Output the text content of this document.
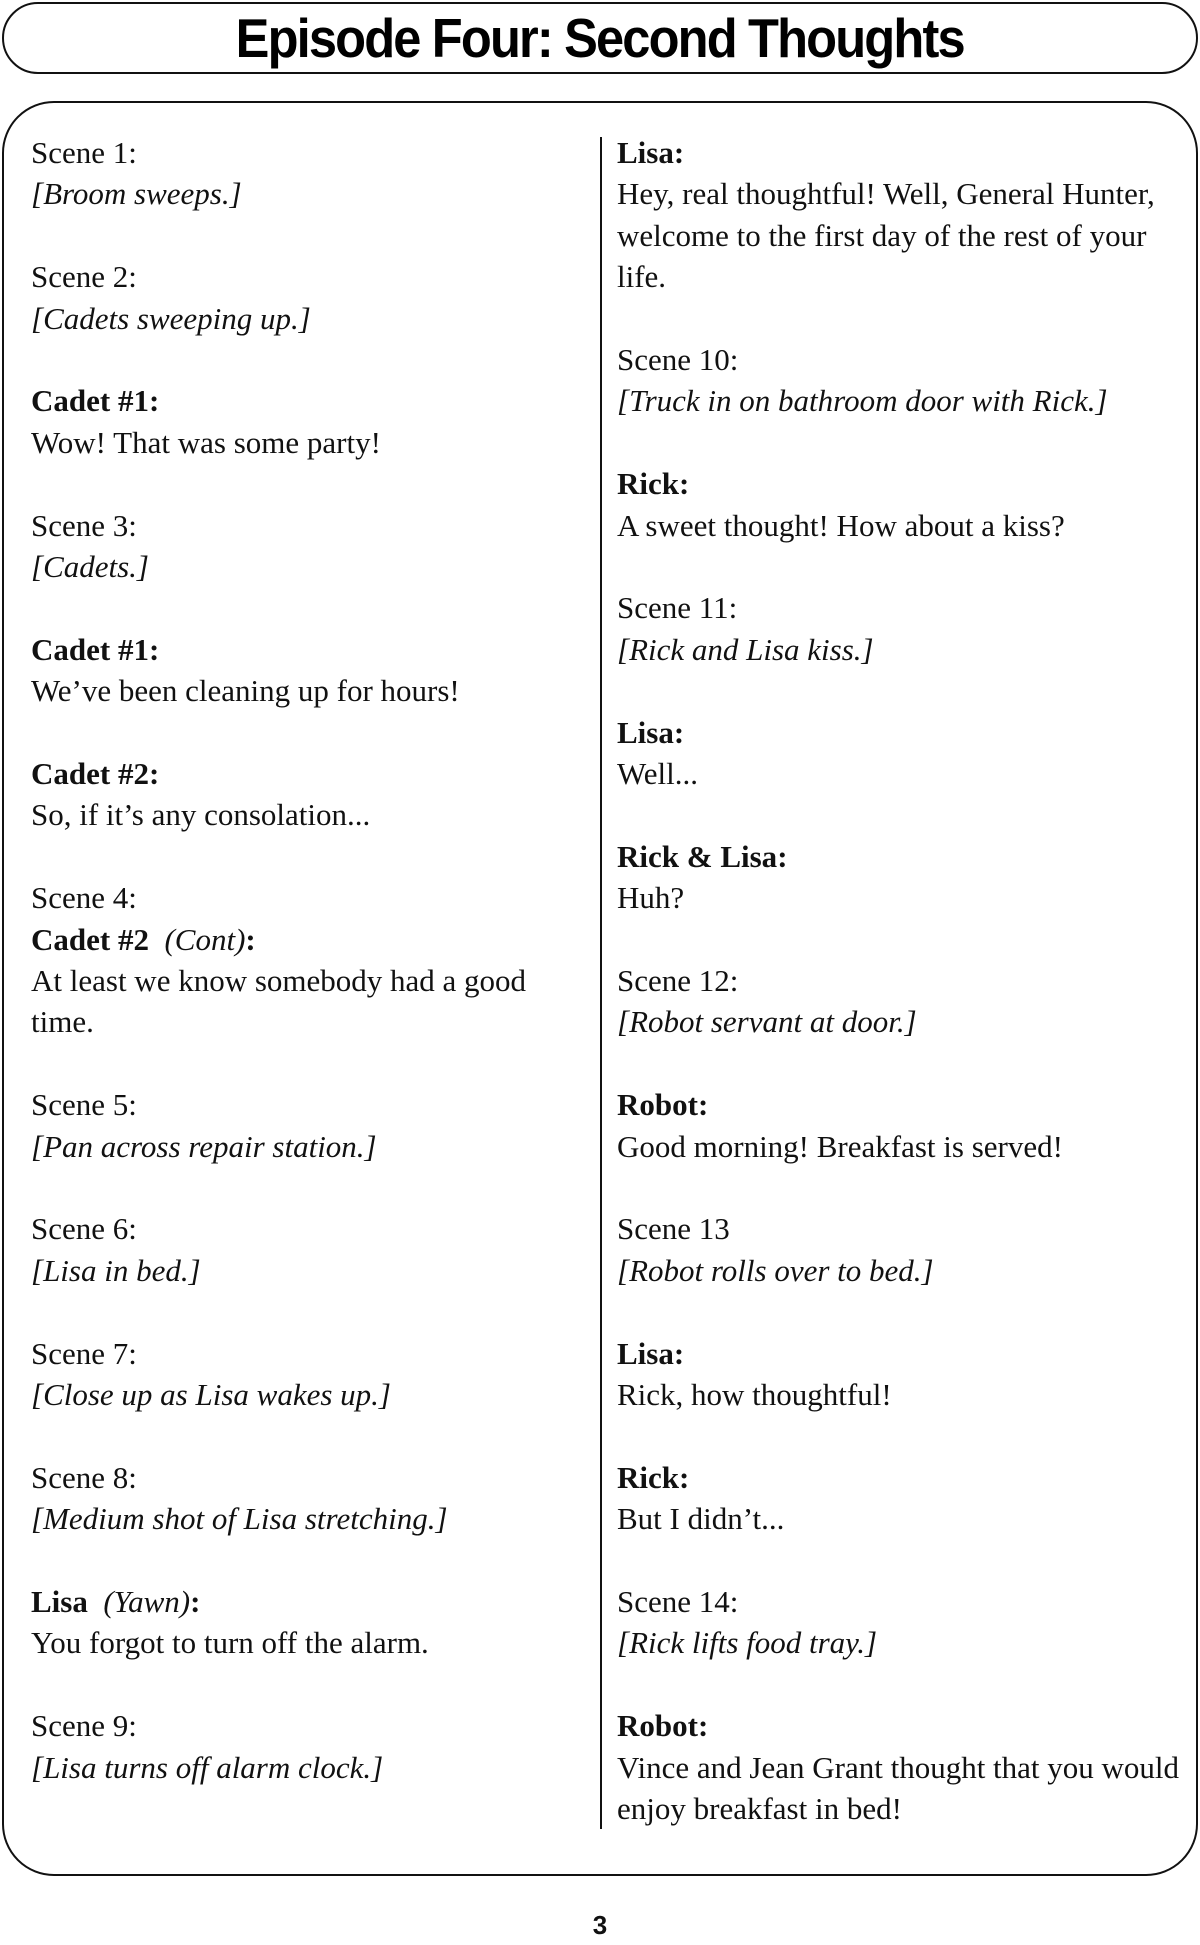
Episode Four: Second Thoughts

Scene 1:

[Broom sweeps.]

Scene 2:

[Cadets sweeping up.]

Cadet #1:

Wow! That was some party!

Scene 3:

[Cadets.]

Cadet #1:

We’ve been cleaning up for hours!

Cadet #2:

So, if it’s any consolation...

Scene 4:

Cadet #2 (Cont):

At least we know somebody had a good time.

Scene 5:

[Pan across repair station.]

Scene 6:

[Lisa in bed.]

Scene 7:

[Close up as Lisa wakes up.]

Scene 8:

[Medium shot of Lisa stretching.]

Lisa (Yawn):

You forgot to turn off the alarm.

Scene 9:

[Lisa turns off alarm clock.]

Lisa:

Hey, real thoughtful! Well, General Hunter, welcome to the first day of the rest of your life.

Scene 10:

[Truck in on bathroom door with Rick.]

Rick:

A sweet thought! How about a kiss?

Scene 11:

[Rick and Lisa kiss.]

Lisa:

Well...

Rick & Lisa:

Huh?

Scene 12:

[Robot servant at door.]

Robot:

Good morning! Breakfast is served!

Scene 13

[Robot rolls over to bed.]

Lisa:

Rick, how thoughtful!

Rick:

But I didn’t...

Scene 14:

[Rick lifts food tray.]

Robot:

Vince and Jean Grant thought that you would enjoy breakfast in bed!

3
